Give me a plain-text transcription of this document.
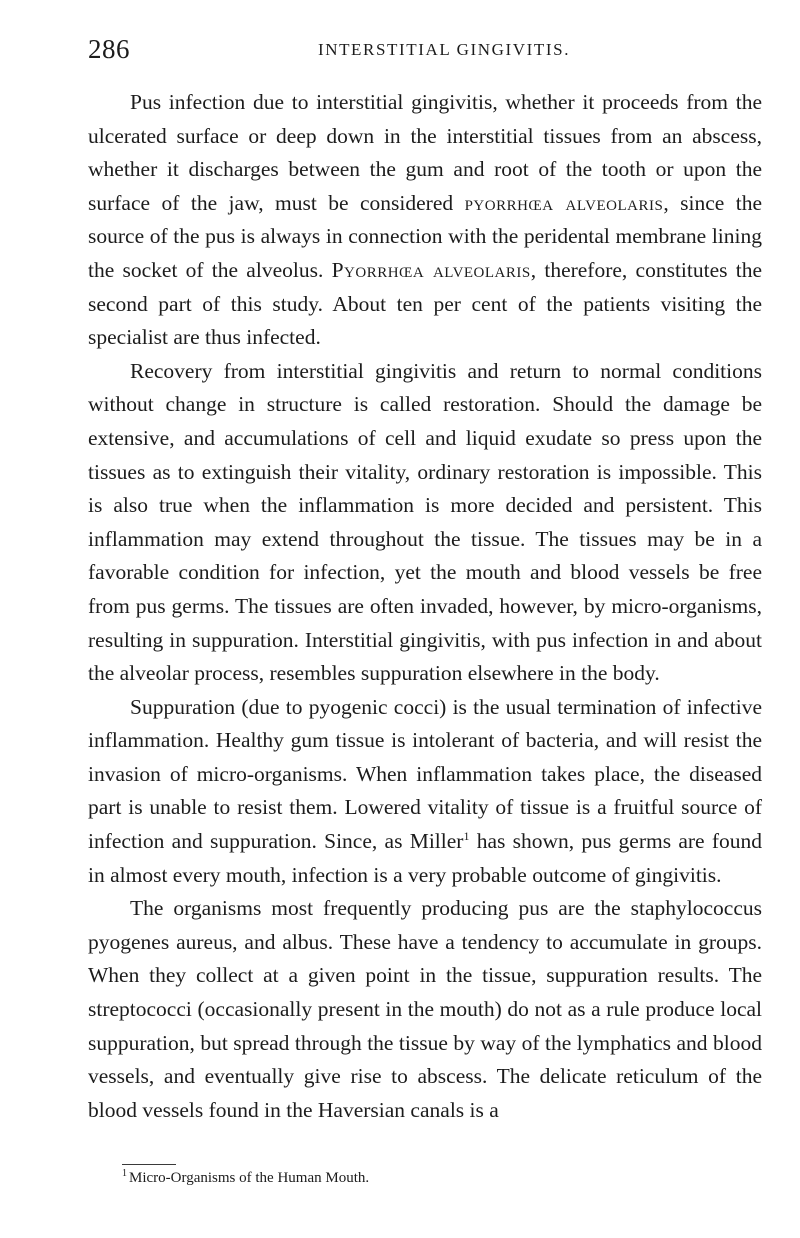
286	INTERSTITIAL GINGIVITIS.

Pus infection due to interstitial gingivitis, whether it proceeds from the ulcerated surface or deep down in the interstitial tissues from an abscess, whether it discharges between the gum and root of the tooth or upon the surface of the jaw, must be considered pyorrhœa alveolaris, since the source of the pus is always in connection with the peridental membrane lining the socket of the alveolus. Pyorrhœa alveolaris, therefore, constitutes the second part of this study. About ten per cent of the patients visiting the specialist are thus infected.

Recovery from interstitial gingivitis and return to normal conditions without change in structure is called restoration. Should the damage be extensive, and accumulations of cell and liquid exudate so press upon the tissues as to extinguish their vitality, ordinary restoration is impossible. This is also true when the inflammation is more decided and persistent. This inflammation may extend throughout the tissue. The tissues may be in a favorable condition for infection, yet the mouth and blood vessels be free from pus germs. The tissues are often invaded, however, by micro-organisms, resulting in suppuration. Interstitial gingivitis, with pus infection in and about the alveolar process, resembles suppuration elsewhere in the body.

Suppuration (due to pyogenic cocci) is the usual termination of infective inflammation. Healthy gum tissue is intolerant of bacteria, and will resist the invasion of micro-organisms. When inflammation takes place, the diseased part is unable to resist them. Lowered vitality of tissue is a fruitful source of infection and suppuration. Since, as Miller$^1$ has shown, pus germs are found in almost every mouth, infection is a very probable outcome of gingivitis.

The organisms most frequently producing pus are the staphylococcus pyogenes aureus, and albus. These have a tendency to accumulate in groups. When they collect at a given point in the tissue, suppuration results. The streptococci (occasionally present in the mouth) do not as a rule produce local suppuration, but spread through the tissue by way of the lymphatics and blood vessels, and eventually give rise to abscess. The delicate reticulum of the blood vessels found in the Haversian canals is a

$^1$ Micro-Organisms of the Human Mouth.
